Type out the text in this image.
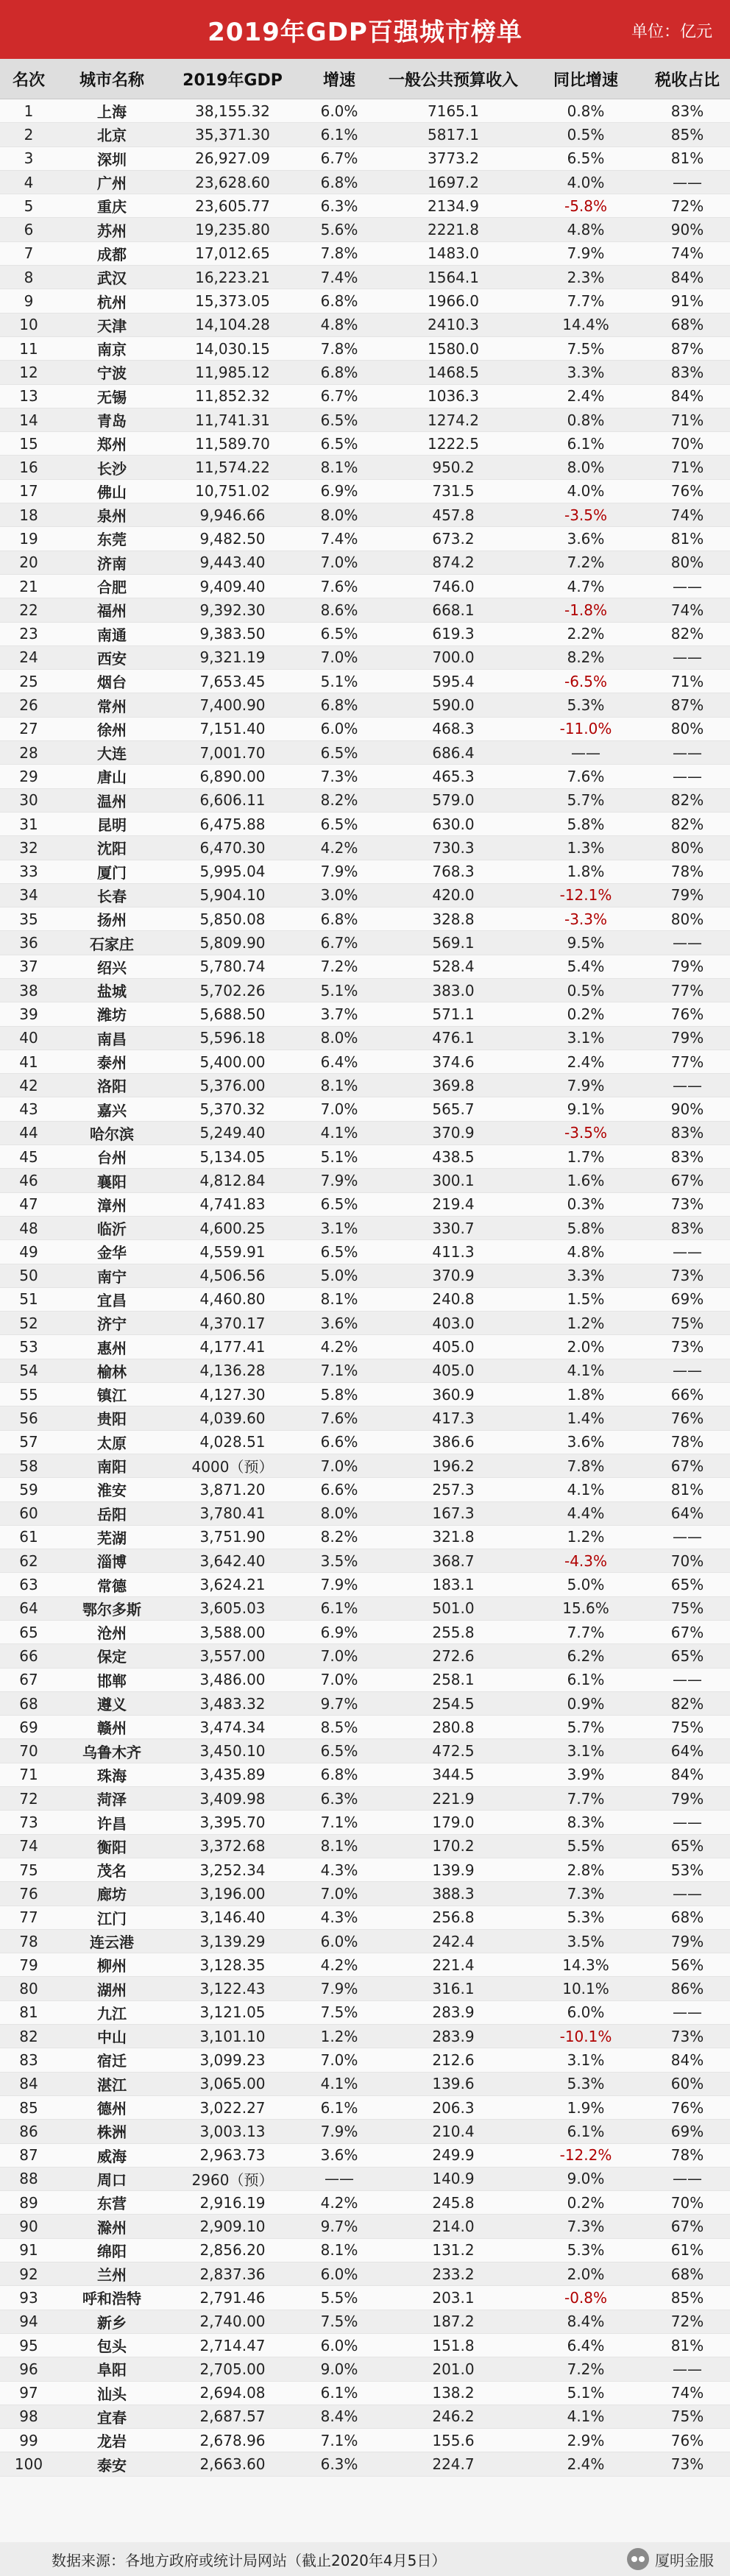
2019年GDP百强城市榜单	单位：亿元
名次	城市名称	2019年GDP	增速	一般公共预算收入	同比增速	税收占比
1	上海	38,155.32	6.0%	7165.1	0.8%	83%
2	北京	35,371.30	6.1%	5817.1	0.5%	85%
3	深圳	26,927.09	6.7%	3773.2	6.5%	81%
4	广州	23,628.60	6.8%	1697.2	4.0%	——
5	重庆	23,605.77	6.3%	2134.9	-5.8%	72%
6	苏州	19,235.80	5.6%	2221.8	4.8%	90%
7	成都	17,012.65	7.8%	1483.0	7.9%	74%
8	武汉	16,223.21	7.4%	1564.1	2.3%	84%
9	杭州	15,373.05	6.8%	1966.0	7.7%	91%
10	天津	14,104.28	4.8%	2410.3	14.4%	68%
11	南京	14,030.15	7.8%	1580.0	7.5%	87%
12	宁波	11,985.12	6.8%	1468.5	3.3%	83%
13	无锡	11,852.32	6.7%	1036.3	2.4%	84%
14	青岛	11,741.31	6.5%	1274.2	0.8%	71%
15	郑州	11,589.70	6.5%	1222.5	6.1%	70%
16	长沙	11,574.22	8.1%	950.2	8.0%	71%
17	佛山	10,751.02	6.9%	731.5	4.0%	76%
18	泉州	9,946.66	8.0%	457.8	-3.5%	74%
19	东莞	9,482.50	7.4%	673.2	3.6%	81%
20	济南	9,443.40	7.0%	874.2	7.2%	80%
21	合肥	9,409.40	7.6%	746.0	4.7%	——
22	福州	9,392.30	8.6%	668.1	-1.8%	74%
23	南通	9,383.50	6.5%	619.3	2.2%	82%
24	西安	9,321.19	7.0%	700.0	8.2%	——
25	烟台	7,653.45	5.1%	595.4	-6.5%	71%
26	常州	7,400.90	6.8%	590.0	5.3%	87%
27	徐州	7,151.40	6.0%	468.3	-11.0%	80%
28	大连	7,001.70	6.5%	686.4	——	——
29	唐山	6,890.00	7.3%	465.3	7.6%	——
30	温州	6,606.11	8.2%	579.0	5.7%	82%
31	昆明	6,475.88	6.5%	630.0	5.8%	82%
32	沈阳	6,470.30	4.2%	730.3	1.3%	80%
33	厦门	5,995.04	7.9%	768.3	1.8%	78%
34	长春	5,904.10	3.0%	420.0	-12.1%	79%
35	扬州	5,850.08	6.8%	328.8	-3.3%	80%
36	石家庄	5,809.90	6.7%	569.1	9.5%	——
37	绍兴	5,780.74	7.2%	528.4	5.4%	79%
38	盐城	5,702.26	5.1%	383.0	0.5%	77%
39	潍坊	5,688.50	3.7%	571.1	0.2%	76%
40	南昌	5,596.18	8.0%	476.1	3.1%	79%
41	泰州	5,400.00	6.4%	374.6	2.4%	77%
42	洛阳	5,376.00	8.1%	369.8	7.9%	——
43	嘉兴	5,370.32	7.0%	565.7	9.1%	90%
44	哈尔滨	5,249.40	4.1%	370.9	-3.5%	83%
45	台州	5,134.05	5.1%	438.5	1.7%	83%
46	襄阳	4,812.84	7.9%	300.1	1.6%	67%
47	漳州	4,741.83	6.5%	219.4	0.3%	73%
48	临沂	4,600.25	3.1%	330.7	5.8%	83%
49	金华	4,559.91	6.5%	411.3	4.8%	——
50	南宁	4,506.56	5.0%	370.9	3.3%	73%
51	宜昌	4,460.80	8.1%	240.8	1.5%	69%
52	济宁	4,370.17	3.6%	403.0	1.2%	75%
53	惠州	4,177.41	4.2%	405.0	2.0%	73%
54	榆林	4,136.28	7.1%	405.0	4.1%	——
55	镇江	4,127.30	5.8%	360.9	1.8%	66%
56	贵阳	4,039.60	7.6%	417.3	1.4%	76%
57	太原	4,028.51	6.6%	386.6	3.6%	78%
58	南阳	4000（预）	7.0%	196.2	7.8%	67%
59	淮安	3,871.20	6.6%	257.3	4.1%	81%
60	岳阳	3,780.41	8.0%	167.3	4.4%	64%
61	芜湖	3,751.90	8.2%	321.8	1.2%	——
62	淄博	3,642.40	3.5%	368.7	-4.3%	70%
63	常德	3,624.21	7.9%	183.1	5.0%	65%
64	鄂尔多斯	3,605.03	6.1%	501.0	15.6%	75%
65	沧州	3,588.00	6.9%	255.8	7.7%	67%
66	保定	3,557.00	7.0%	272.6	6.2%	65%
67	邯郸	3,486.00	7.0%	258.1	6.1%	——
68	遵义	3,483.32	9.7%	254.5	0.9%	82%
69	赣州	3,474.34	8.5%	280.8	5.7%	75%
70	乌鲁木齐	3,450.10	6.5%	472.5	3.1%	64%
71	珠海	3,435.89	6.8%	344.5	3.9%	84%
72	菏泽	3,409.98	6.3%	221.9	7.7%	79%
73	许昌	3,395.70	7.1%	179.0	8.3%	——
74	衡阳	3,372.68	8.1%	170.2	5.5%	65%
75	茂名	3,252.34	4.3%	139.9	2.8%	53%
76	廊坊	3,196.00	7.0%	388.3	7.3%	——
77	江门	3,146.40	4.3%	256.8	5.3%	68%
78	连云港	3,139.29	6.0%	242.4	3.5%	79%
79	柳州	3,128.35	4.2%	221.4	14.3%	56%
80	湖州	3,122.43	7.9%	316.1	10.1%	86%
81	九江	3,121.05	7.5%	283.9	6.0%	——
82	中山	3,101.10	1.2%	283.9	-10.1%	73%
83	宿迁	3,099.23	7.0%	212.6	3.1%	84%
84	湛江	3,065.00	4.1%	139.6	5.3%	60%
85	德州	3,022.27	6.1%	206.3	1.9%	76%
86	株洲	3,003.13	7.9%	210.4	6.1%	69%
87	威海	2,963.73	3.6%	249.9	-12.2%	78%
88	周口	2960（预）	——	140.9	9.0%	——
89	东营	2,916.19	4.2%	245.8	0.2%	70%
90	滁州	2,909.10	9.7%	214.0	7.3%	67%
91	绵阳	2,856.20	8.1%	131.2	5.3%	61%
92	兰州	2,837.36	6.0%	233.2	2.0%	68%
93	呼和浩特	2,791.46	5.5%	203.1	-0.8%	85%
94	新乡	2,740.00	7.5%	187.2	8.4%	72%
95	包头	2,714.47	6.0%	151.8	6.4%	81%
96	阜阳	2,705.00	9.0%	201.0	7.2%	——
97	汕头	2,694.08	6.1%	138.2	5.1%	74%
98	宜春	2,687.57	8.4%	246.2	4.1%	75%
99	龙岩	2,678.96	7.1%	155.6	2.9%	76%
100	泰安	2,663.60	6.3%	224.7	2.4%	73%
数据来源：各地方政府或统计局网站（截止2020年4月5日）	厦明金服
